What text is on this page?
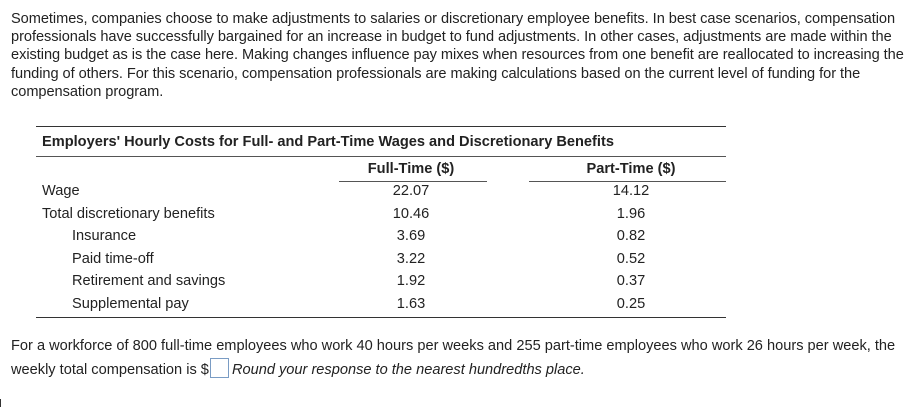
Sometimes, companies choose to make adjustments to salaries or discretionary employee benefits. In best case scenarios, compensation professionals have successfully bargained for an increase in budget to fund adjustments. In other cases, adjustments are made within the existing budget as is the case here. Making changes influence pay mixes when resources from one benefit are reallocated to increasing the funding of others. For this scenario, compensation professionals are making calculations based on the current level of funding for the compensation program.
Employers' Hourly Costs for Full- and Part-Time Wages and Discretionary Benefits
Full-Time ($)	Part-Time ($)
Wage	22.07	14.12
Total discretionary benefits	10.46	1.96
Insurance	3.69	0.82
Paid time-off	3.22	0.52
Retirement and savings	1.92	0.37
Supplemental pay	1.63	0.25
For a workforce of 800 full-time employees who work 40 hours per weeks and 255 part-time employees who work 26 hours per week, the weekly total compensation is $ Round your response to the nearest hundredths place.
